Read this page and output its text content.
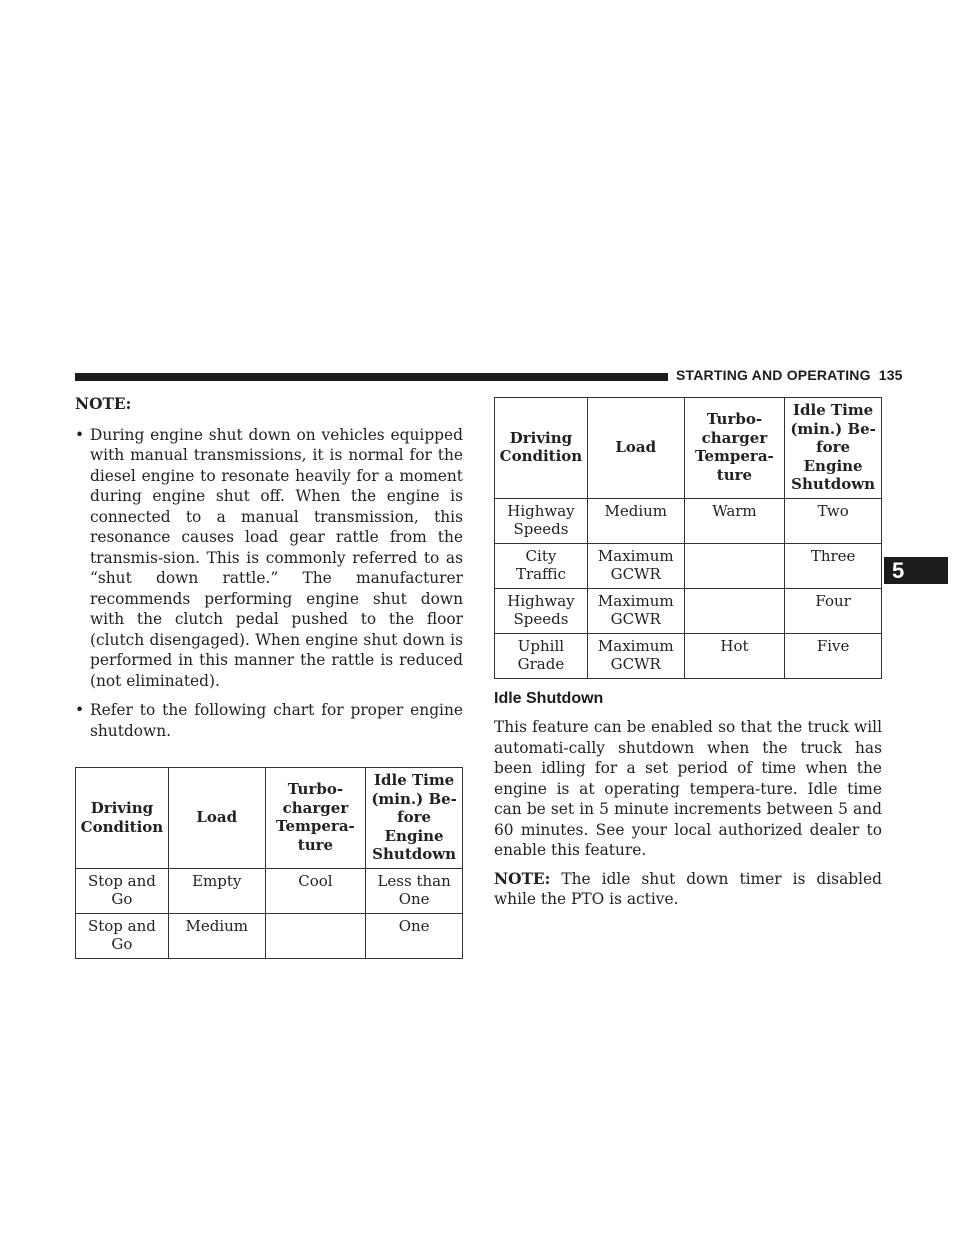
STARTING AND OPERATING 135
5
NOTE:
• During engine shut down on vehicles equipped with manual transmissions, it is normal for the diesel engine to resonate heavily for a moment during engine shut off. When the engine is connected to a manual transmission, this resonance causes load gear rattle from the transmis-sion. This is commonly referred to as “shut down rattle.” The manufacturer recommends performing engine shut down with the clutch pedal pushed to the floor (clutch disengaged). When engine shut down is performed in this manner the rattle is reduced (not eliminated).
• Refer to the following chart for proper engine shutdown.
Driving Condition	Load	Turbo-charger Tempera-ture	Idle Time (min.) Be-fore Engine Shutdown
Stop and Go	Empty	Cool	Less than One
Stop and Go	Medium		One
Driving Condition	Load	Turbo-charger Tempera-ture	Idle Time (min.) Be-fore Engine Shutdown
Highway Speeds	Medium	Warm	Two
City Traffic	Maximum GCWR		Three
Highway Speeds	Maximum GCWR		Four
Uphill Grade	Maximum GCWR	Hot	Five
Idle Shutdown

This feature can be enabled so that the truck will automati-cally shutdown when the truck has been idling for a set period of time when the engine is at operating tempera-ture. Idle time can be set in 5 minute increments between 5 and 60 minutes. See your local authorized dealer to enable this feature.

NOTE: The idle shut down timer is disabled while the PTO is active.
